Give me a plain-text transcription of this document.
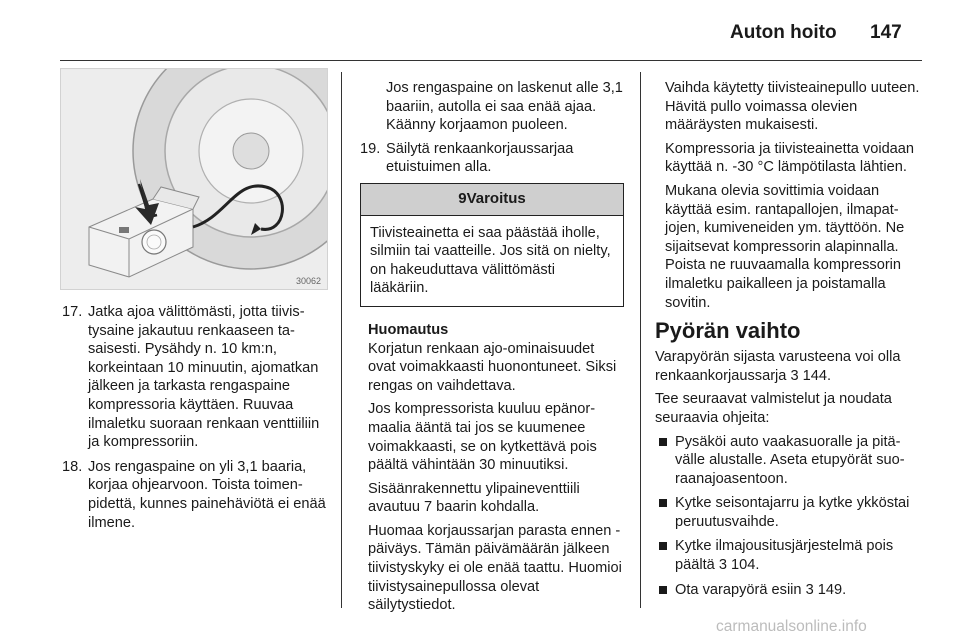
Auton hoito 147
30062
17. Jatka ajoa välittömästi, jotta tiivistysaine jakautuu renkaaseen tasaisesti. Pysähdy n. 10 km:n, korkeintaan 10 minuutin, ajomatkan jälkeen ja tarkasta rengaspaine kompressoria käyttäen. Ruuvaa ilmaletku suoraan renkaan venttiiliin ja kompressoriin.
18. Jos rengaspaine on yli 3,1 baaria, korjaa ohjearvoon. Toista toimenpidettä, kunnes painehäviötä ei enää ilmene.

Jos rengaspaine on laskenut alle 3,1 baariin, autolla ei saa enää ajaa. Käänny korjaamon puoleen.

19. Säilytä renkaankorjaussarjaa etuistuimen alla.
9Varoitus
Tiivisteainetta ei saa päästää iholle, silmiin tai vaatteille. Jos sitä on nielty, on hakeuduttava välittömästi lääkäriin.

Huomautus

Korjatun renkaan ajo-ominaisuudet ovat voimakkaasti huonontuneet. Siksi rengas on vaihdettava.

Jos kompressorista kuuluu epänormaalia ääntä tai jos se kuumenee voimakkaasti, se on kytkettävä pois päältä vähintään 30 minuutiksi.

Sisäänrakennettu ylipaineventtiili avautuu 7 baarin kohdalla.

Huomaa korjaussarjan parasta ennen -päiväys. Tämän päivämäärän jälkeen tiivistyskyky ei ole enää taattu. Huomioi tiivistysainepullossa olevat säilytystiedot.

Vaihda käytetty tiivisteainepullo uuteen. Hävitä pullo voimassa olevien määräysten mukaisesti.

Kompressoria ja tiivisteainetta voidaan käyttää n. -30 °C lämpötilasta lähtien.

Mukana olevia sovittimia voidaan käyttää esim. rantapallojen, ilmapatjojen, kumiveneiden ym. täyttöön. Ne sijaitsevat kompressorin alapinnalla. Poista ne ruuvaamalla kompressorin ilmaletku paikalleen ja poistamalla sovitin.

Pyörän vaihto

Varapyörän sijasta varusteena voi olla renkaankorjaussarja 3 144.

Tee seuraavat valmistelut ja noudata seuraavia ohjeita:

Pysäköi auto vaakasuoralle ja pitävälle alustalle. Aseta etupyörät suoraanajoasentoon.
Kytke seisontajarru ja kytke ykköstai peruutusvaihde.
Kytke ilmajousitusjärjestelmä pois päältä 3 104.
Ota varapyörä esiin 3 149.
carmanualsonline.info
